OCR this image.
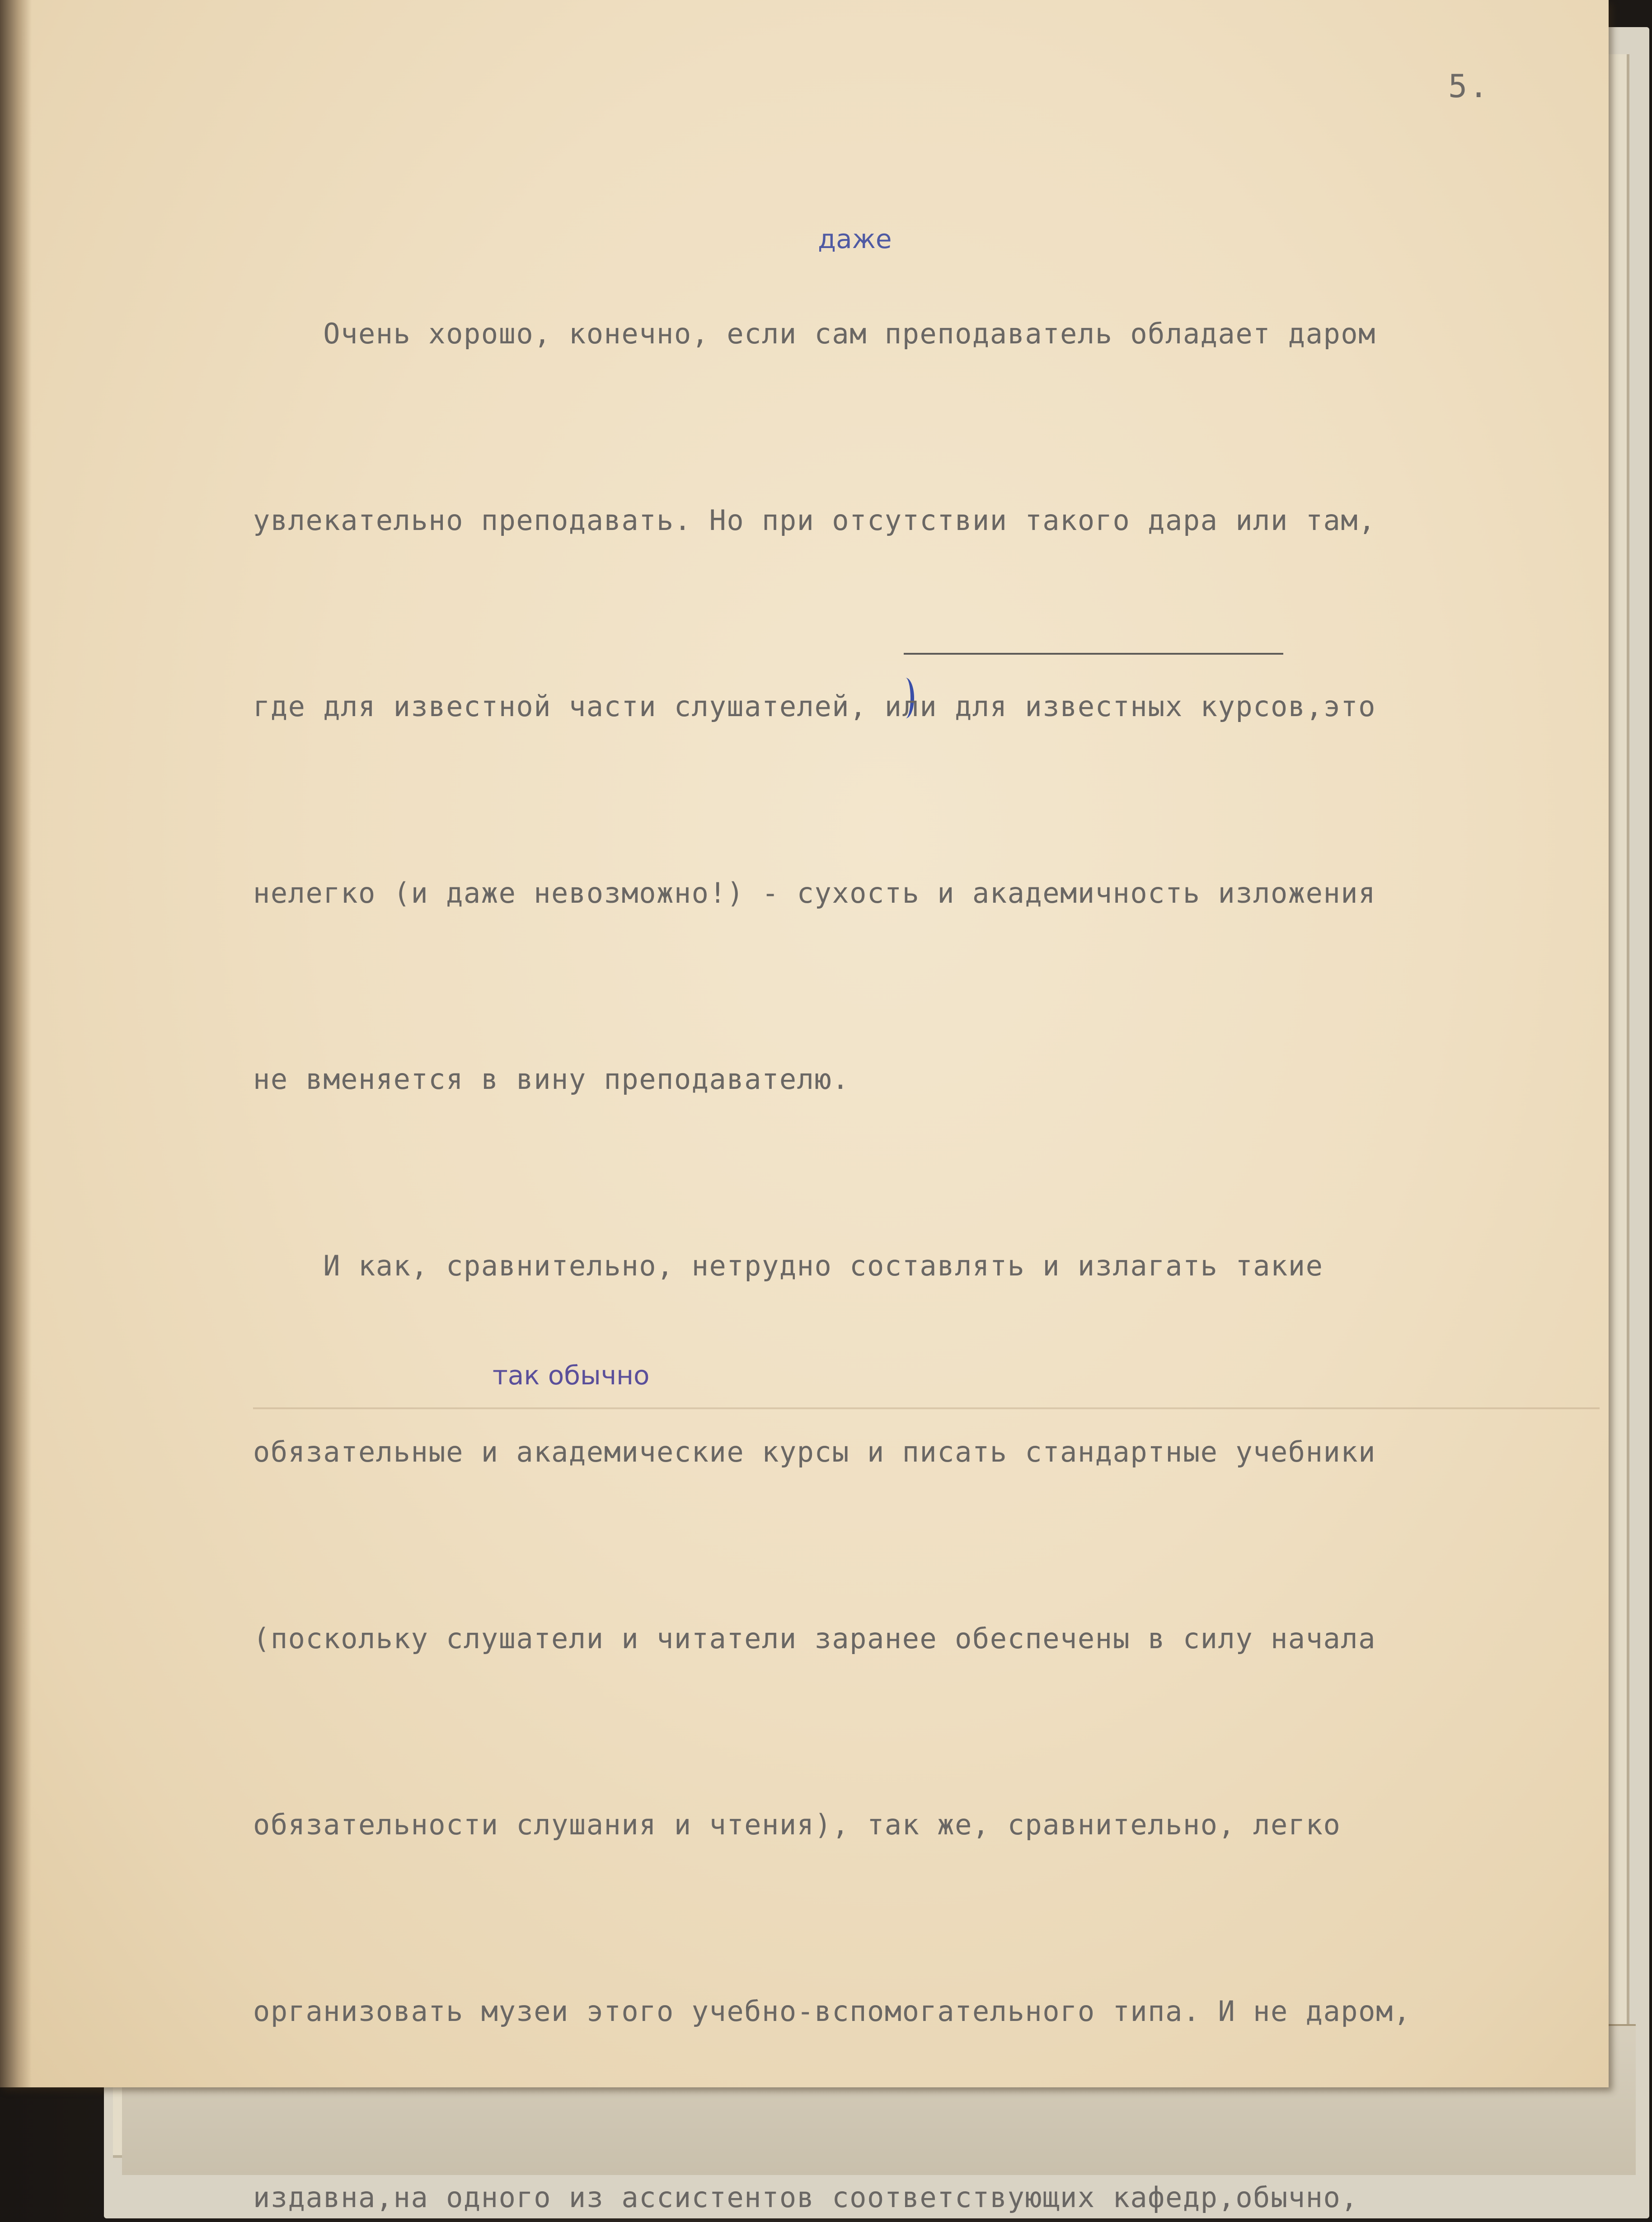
5.
даже
так обычно

Очень хорошо, конечно, если сам преподаватель обладает даром

увлекательно преподавать. Но при отсутствии такого дара или там,

где для известной части слушателей, или для известных курсов,это

нелегко (и даже невозможно!) - сухость и академичность изложения

не вменяется в вину преподавателю.

И как, сравнительно, нетрудно составлять и излагать такие

обязательные и академические курсы и писать стандартные учебники

(поскольку слушатели и читатели заранее обеспечены в силу начала

обязательности слушания и чтения), так же, сравнительно, легко

организовать музеи этого учебно-вспомогательного типа. И не даром,

издавна,на одного из ассистентов соответствующих кафедр,обычно,
